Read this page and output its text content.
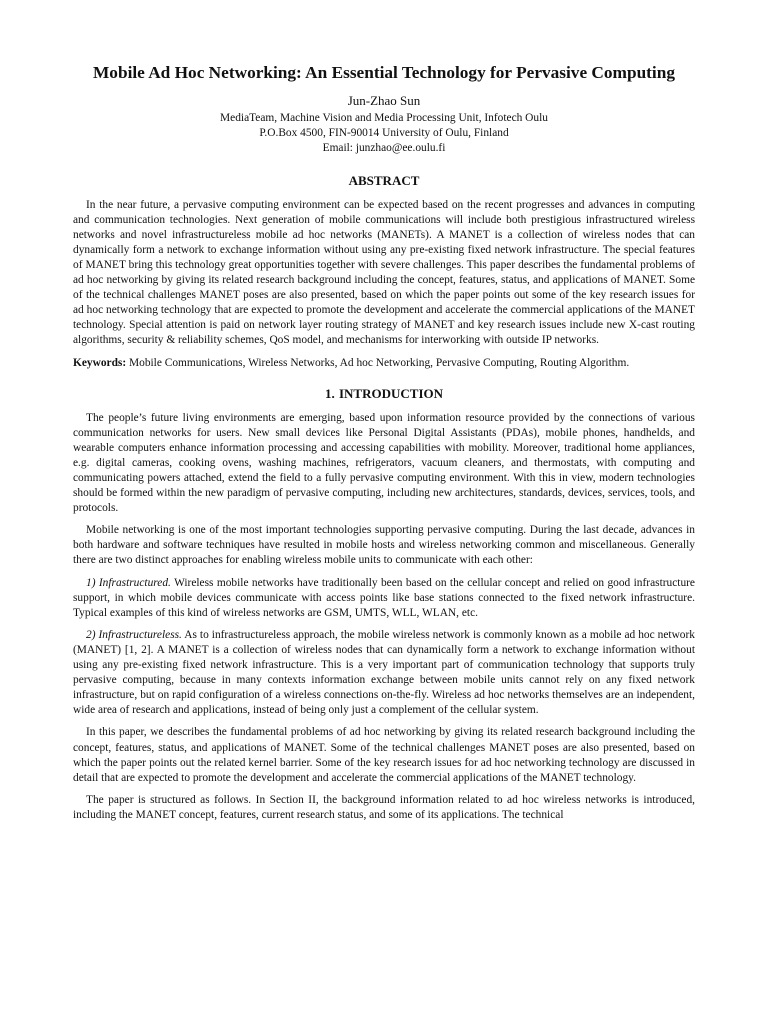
Mobile Ad Hoc Networking: An Essential Technology for Pervasive Computing
Jun-Zhao Sun
MediaTeam, Machine Vision and Media Processing Unit, Infotech Oulu
P.O.Box 4500, FIN-90014 University of Oulu, Finland
Email: junzhao@ee.oulu.fi
ABSTRACT

In the near future, a pervasive computing environment can be expected based on the recent progresses and advances in computing and communication technologies. Next generation of mobile communications will include both prestigious infrastructured wireless networks and novel infrastructureless mobile ad hoc networks (MANETs). A MANET is a collection of wireless nodes that can dynamically form a network to exchange information without using any pre-existing fixed network infrastructure. The special features of MANET bring this technology great opportunities together with severe challenges. This paper describes the fundamental problems of ad hoc networking by giving its related research background including the concept, features, status, and applications of MANET. Some of the technical challenges MANET poses are also presented, based on which the paper points out some of the key research issues for ad hoc networking technology that are expected to promote the development and accelerate the commercial applications of the MANET technology. Special attention is paid on network layer routing strategy of MANET and key research issues include new X-cast routing algorithms, security & reliability schemes, QoS model, and mechanisms for interworking with outside IP networks.

Keywords: Mobile Communications, Wireless Networks, Ad hoc Networking, Pervasive Computing, Routing Algorithm.

1. INTRODUCTION

The people’s future living environments are emerging, based upon information resource provided by the connections of various communication networks for users. New small devices like Personal Digital Assistants (PDAs), mobile phones, handhelds, and wearable computers enhance information processing and accessing capabilities with mobility. Moreover, traditional home appliances, e.g. digital cameras, cooking ovens, washing machines, refrigerators, vacuum cleaners, and thermostats, with computing and communicating powers attached, extend the field to a fully pervasive computing environment. With this in view, modern technologies should be formed within the new paradigm of pervasive computing, including new architectures, standards, devices, services, tools, and protocols.

Mobile networking is one of the most important technologies supporting pervasive computing. During the last decade, advances in both hardware and software techniques have resulted in mobile hosts and wireless networking common and miscellaneous. Generally there are two distinct approaches for enabling wireless mobile units to communicate with each other:

1) Infrastructured. Wireless mobile networks have traditionally been based on the cellular concept and relied on good infrastructure support, in which mobile devices communicate with access points like base stations connected to the fixed network infrastructure. Typical examples of this kind of wireless networks are GSM, UMTS, WLL, WLAN, etc.

2) Infrastructureless. As to infrastructureless approach, the mobile wireless network is commonly known as a mobile ad hoc network (MANET) [1, 2]. A MANET is a collection of wireless nodes that can dynamically form a network to exchange information without using any pre-existing fixed network infrastructure. This is a very important part of communication technology that supports truly pervasive computing, because in many contexts information exchange between mobile units cannot rely on any fixed network infrastructure, but on rapid configuration of a wireless connections on-the-fly. Wireless ad hoc networks themselves are an independent, wide area of research and applications, instead of being only just a complement of the cellular system.

In this paper, we describes the fundamental problems of ad hoc networking by giving its related research background including the concept, features, status, and applications of MANET. Some of the technical challenges MANET poses are also presented, based on which the paper points out the related kernel barrier. Some of the key research issues for ad hoc networking technology are discussed in detail that are expected to promote the development and accelerate the commercial applications of the MANET technology.

The paper is structured as follows. In Section II, the background information related to ad hoc wireless networks is introduced, including the MANET concept, features, current research status, and some of its applications. The technical
